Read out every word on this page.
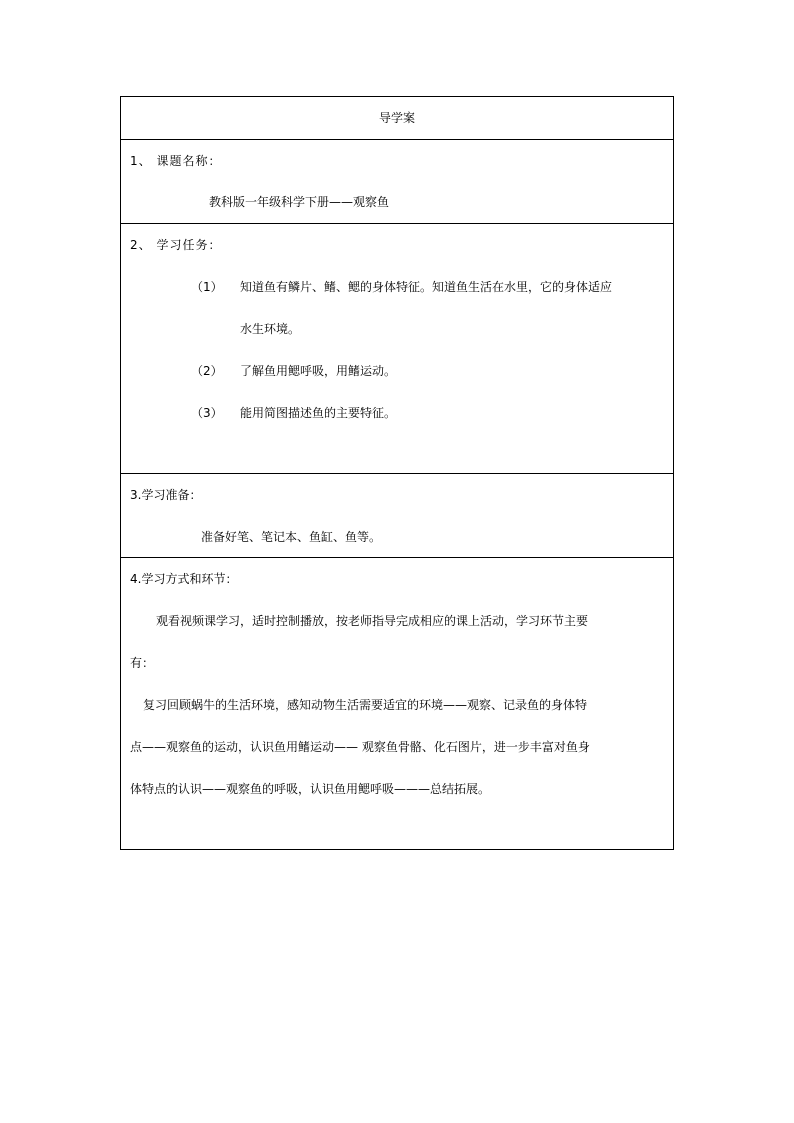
导学案
1、 课题名称：
教科版一年级科学下册——观察鱼
2、 学习任务：
（1） 知道鱼有鳞片、鳍、鳃的身体特征。知道鱼生活在水里，它的身体适应
水生环境。
（2） 了解鱼用鳃呼吸，用鳍运动。
（3） 能用简图描述鱼的主要特征。
3.学习准备：
准备好笔、笔记本、鱼缸、鱼等。
4.学习方式和环节：
观看视频课学习，适时控制播放，按老师指导完成相应的课上活动，学习环节主要
有：
复习回顾蜗牛的生活环境，感知动物生活需要适宜的环境——观察、记录鱼的身体特
点——观察鱼的运动，认识鱼用鳍运动—— 观察鱼骨骼、化石图片，进一步丰富对鱼身
体特点的认识——观察鱼的呼吸，认识鱼用鳃呼吸———总结拓展。
